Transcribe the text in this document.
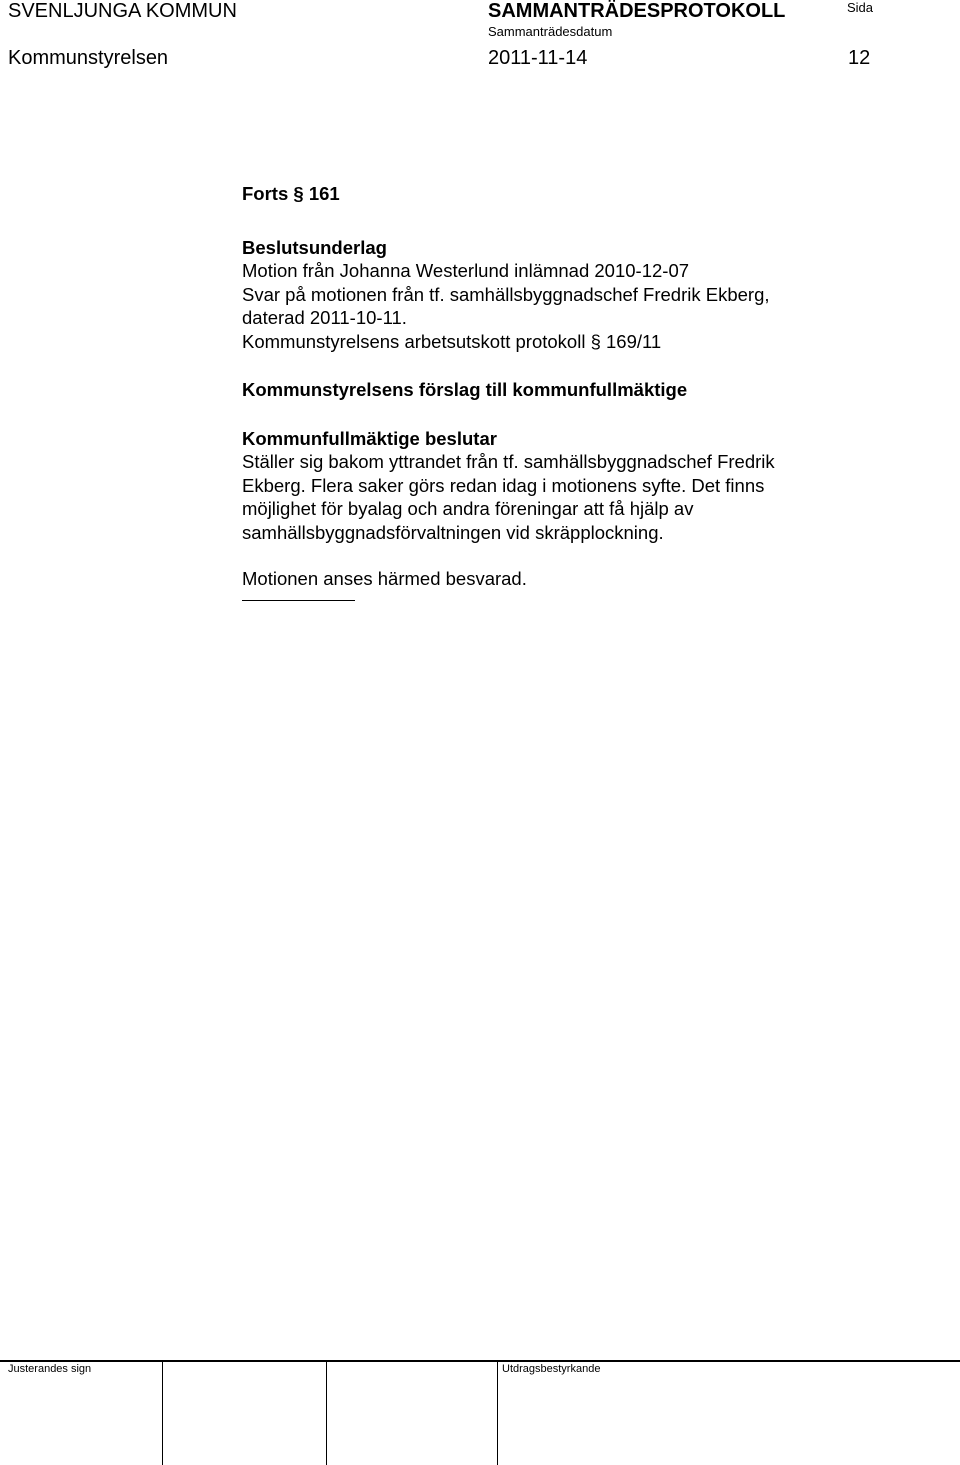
SVENLJUNGA KOMMUN	SAMMANTRÄDESPROTOKOLL
Sammanträdesdatum
Sida
Kommunstyrelsen	2011-11-14	12

Forts § 161

Beslutsunderlag

Motion från Johanna Westerlund inlämnad 2010-12-07

Svar på motionen från tf. samhällsbyggnadschef Fredrik Ekberg,

daterad 2011-10-11.

Kommunstyrelsens arbetsutskott protokoll § 169/11

Kommunstyrelsens förslag till kommunfullmäktige

Kommunfullmäktige beslutar

Ställer sig bakom yttrandet från tf. samhällsbyggnadschef Fredrik

Ekberg. Flera saker görs redan idag i motionens syfte. Det finns

möjlighet för byalag och andra föreningar att få hjälp av

samhällsbyggnadsförvaltningen vid skräpplockning.

Motionen anses härmed besvarad.

Justerandes sign	Utdragsbestyrkande
